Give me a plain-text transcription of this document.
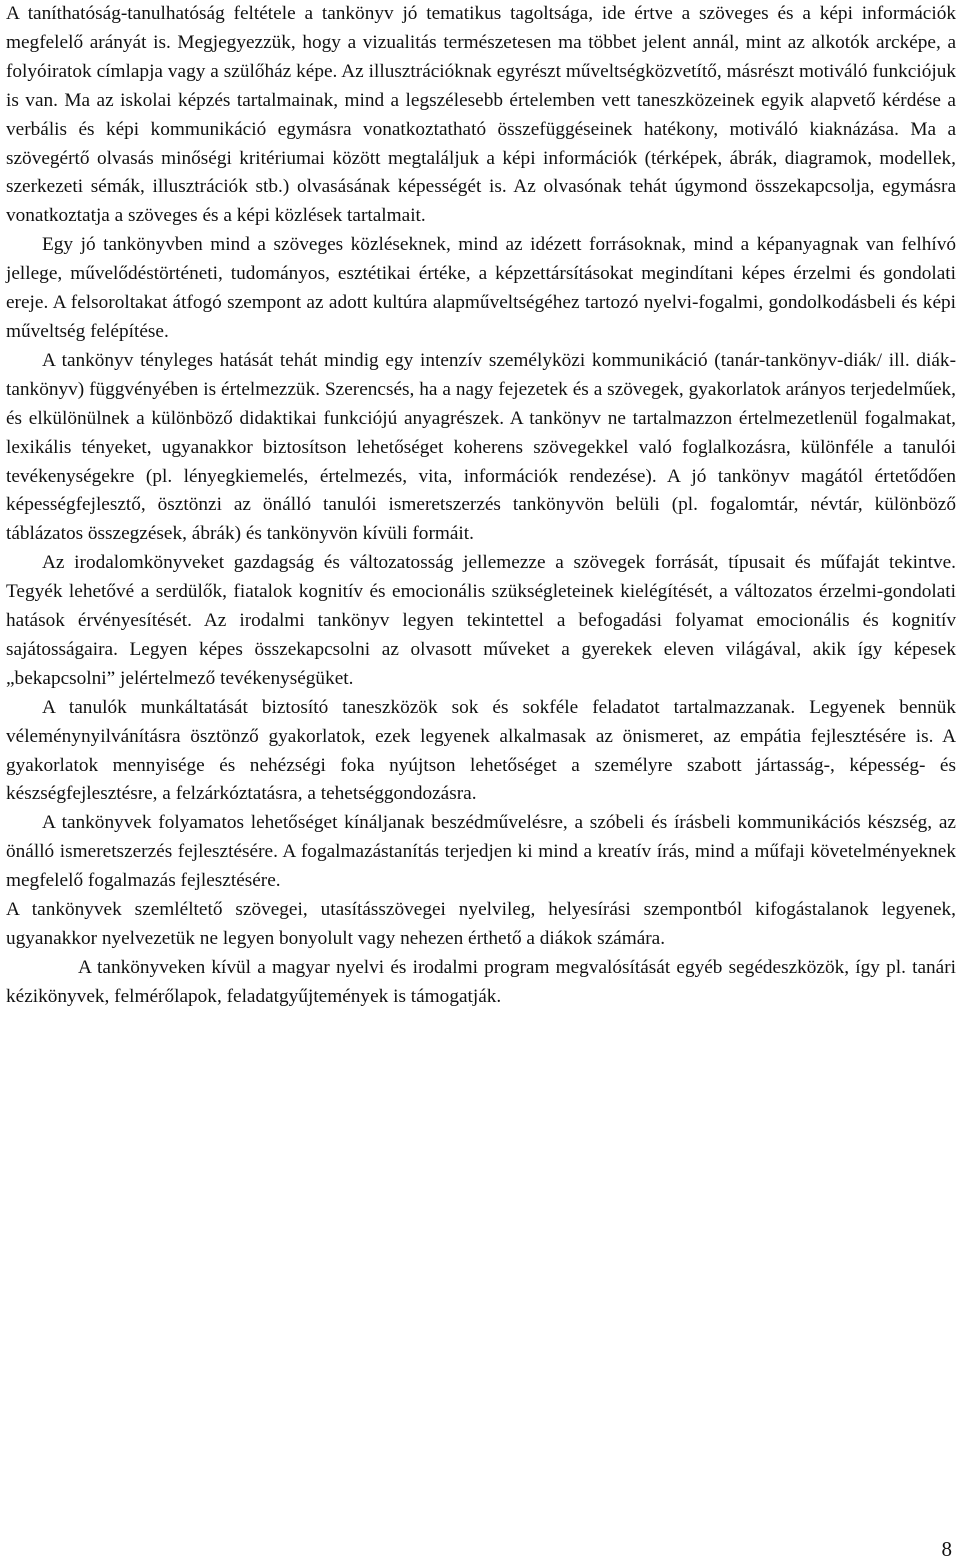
A taníthatóság-tanulhatóság feltétele a tankönyv jó tematikus tagoltsága, ide értve a szöveges és a képi információk megfelelő arányát is. Megjegyezzük, hogy a vizualitás természetesen ma többet jelent annál, mint az alkotók arcképe, a folyóiratok címlapja vagy a szülőház képe. Az illusztrációknak egyrészt műveltségközvetítő, másrészt motiváló funkciójuk is van. Ma az iskolai képzés tartalmainak, mind a legszélesebb értelemben vett taneszközeinek egyik alapvető kérdése a verbális és képi kommunikáció egymásra vonatkoztatható összefüggéseinek hatékony, motiváló kiaknázása. Ma a szövegértő olvasás minőségi kritériumai között megtaláljuk a képi információk (térképek, ábrák, diagramok, modellek, szerkezeti sémák, illusztrációk stb.) olvasásának képességét is. Az olvasónak tehát úgymond összekapcsolja, egymásra vonatkoztatja a szöveges és a képi közlések tartalmait.

Egy jó tankönyvben mind a szöveges közléseknek, mind az idézett forrásoknak, mind a képanyagnak van felhívó jellege, művelődéstörténeti, tudományos, esztétikai értéke, a képzettársításokat megindítani képes érzelmi és gondolati ereje. A felsoroltakat átfogó szempont az adott kultúra alapműveltségéhez tartozó nyelvi-fogalmi, gondolkodásbeli és képi műveltség felépítése.

A tankönyv tényleges hatását tehát mindig egy intenzív személyközi kommunikáció (tanár-tankönyv-diák/ ill. diák-tankönyv) függvényében is értelmezzük. Szerencsés, ha a nagy fejezetek és a szövegek, gyakorlatok arányos terjedelműek, és elkülönülnek a különböző didaktikai funkciójú anyagrészek. A tankönyv ne tartalmazzon értelmezetlenül fogalmakat, lexikális tényeket, ugyanakkor biztosítson lehetőséget koherens szövegekkel való foglalkozásra, különféle a tanulói tevékenységekre (pl. lényegkiemelés, értelmezés, vita, információk rendezése). A jó tankönyv magától értetődően képességfejlesztő, ösztönzi az önálló tanulói ismeretszerzés tankönyvön belüli (pl. fogalomtár, névtár, különböző táblázatos összegzések, ábrák) és tankönyvön kívüli formáit.

Az irodalomkönyveket gazdagság és változatosság jellemezze a szövegek forrását, típusait és műfaját tekintve. Tegyék lehetővé a serdülők, fiatalok kognitív és emocionális szükségleteinek kielégítését, a változatos érzelmi-gondolati hatások érvényesítését. Az irodalmi tankönyv legyen tekintettel a befogadási folyamat emocionális és kognitív sajátosságaira. Legyen képes összekapcsolni az olvasott műveket a gyerekek eleven világával, akik így képesek „bekapcsolni” jelértelmező tevékenységüket.

A tanulók munkáltatását biztosító taneszközök sok és sokféle feladatot tartalmazzanak. Legyenek bennük véleménynyilvánításra ösztönző gyakorlatok, ezek legyenek alkalmasak az önismeret, az empátia fejlesztésére is. A gyakorlatok mennyisége és nehézségi foka nyújtson lehetőséget a személyre szabott jártasság-, képesség- és készségfejlesztésre, a felzárkóztatásra, a tehetséggondozásra.

A tankönyvek folyamatos lehetőséget kínáljanak beszédművelésre, a szóbeli és írásbeli kommunikációs készség, az önálló ismeretszerzés fejlesztésére. A fogalmazástanítás terjedjen ki mind a kreatív írás, mind a műfaji követelményeknek megfelelő fogalmazás fejlesztésére.

A tankönyvek szemléltető szövegei, utasításszövegei nyelvileg, helyesírási szempontból kifogástalanok legyenek, ugyanakkor nyelvezetük ne legyen bonyolult vagy nehezen érthető a diákok számára.

A tankönyveken kívül a magyar nyelvi és irodalmi program megvalósítását egyéb segédeszközök, így pl. tanári kézikönyvek, felmérőlapok, feladatgyűjtemények is támogatják.

8
